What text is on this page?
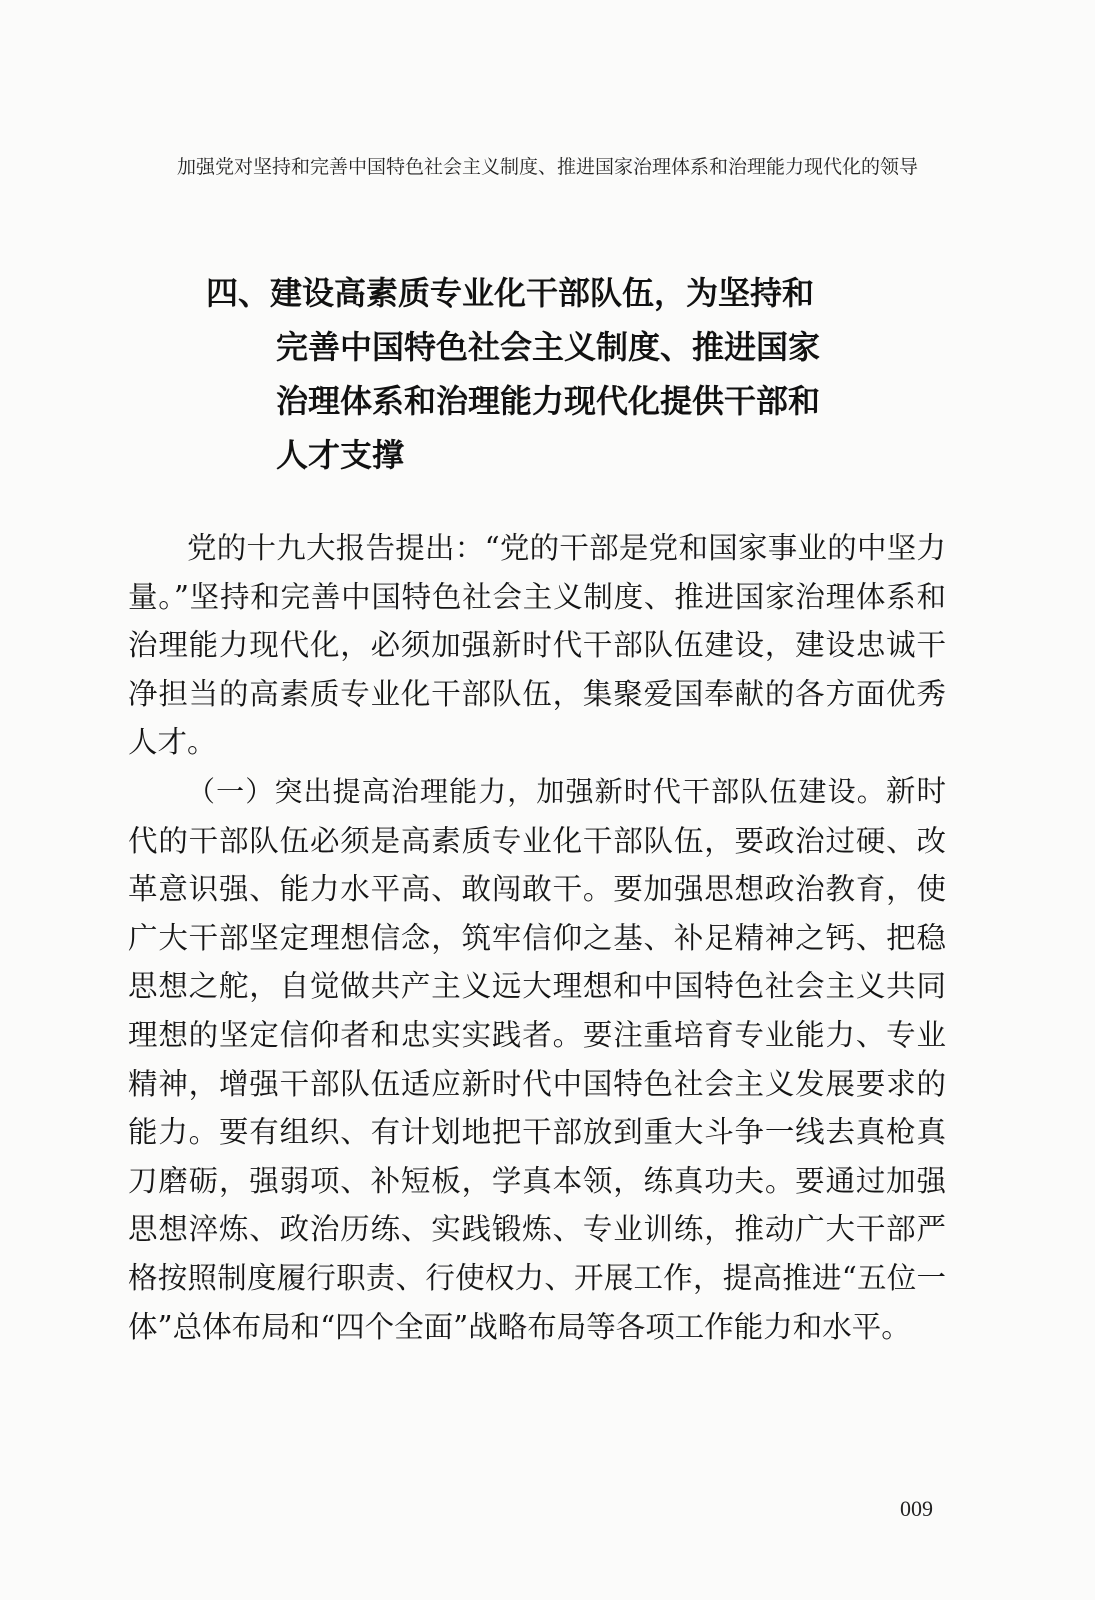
加强党对坚持和完善中国特色社会主义制度、推进国家治理体系和治理能力现代化的领导
四、建设高素质专业化干部队伍，为坚持和
完善中国特色社会主义制度、推进国家
治理体系和治理能力现代化提供干部和
人才支撑

党的十九大报告提出：“党的干部是党和国家事业的中坚力量。”坚持和完善中国特色社会主义制度、推进国家治理体系和治理能力现代化，必须加强新时代干部队伍建设，建设忠诚干净担当的高素质专业化干部队伍，集聚爱国奉献的各方面优秀人才。

（一）突出提高治理能力，加强新时代干部队伍建设。新时代的干部队伍必须是高素质专业化干部队伍，要政治过硬、改革意识强、能力水平高、敢闯敢干。要加强思想政治教育，使广大干部坚定理想信念，筑牢信仰之基、补足精神之钙、把稳思想之舵，自觉做共产主义远大理想和中国特色社会主义共同理想的坚定信仰者和忠实实践者。要注重培育专业能力、专业精神，增强干部队伍适应新时代中国特色社会主义发展要求的能力。要有组织、有计划地把干部放到重大斗争一线去真枪真刀磨砺，强弱项、补短板，学真本领，练真功夫。要通过加强思想淬炼、政治历练、实践锻炼、专业训练，推动广大干部严格按照制度履行职责、行使权力、开展工作，提高推进“五位一体”总体布局和“四个全面”战略布局等各项工作能力和水平。

009
